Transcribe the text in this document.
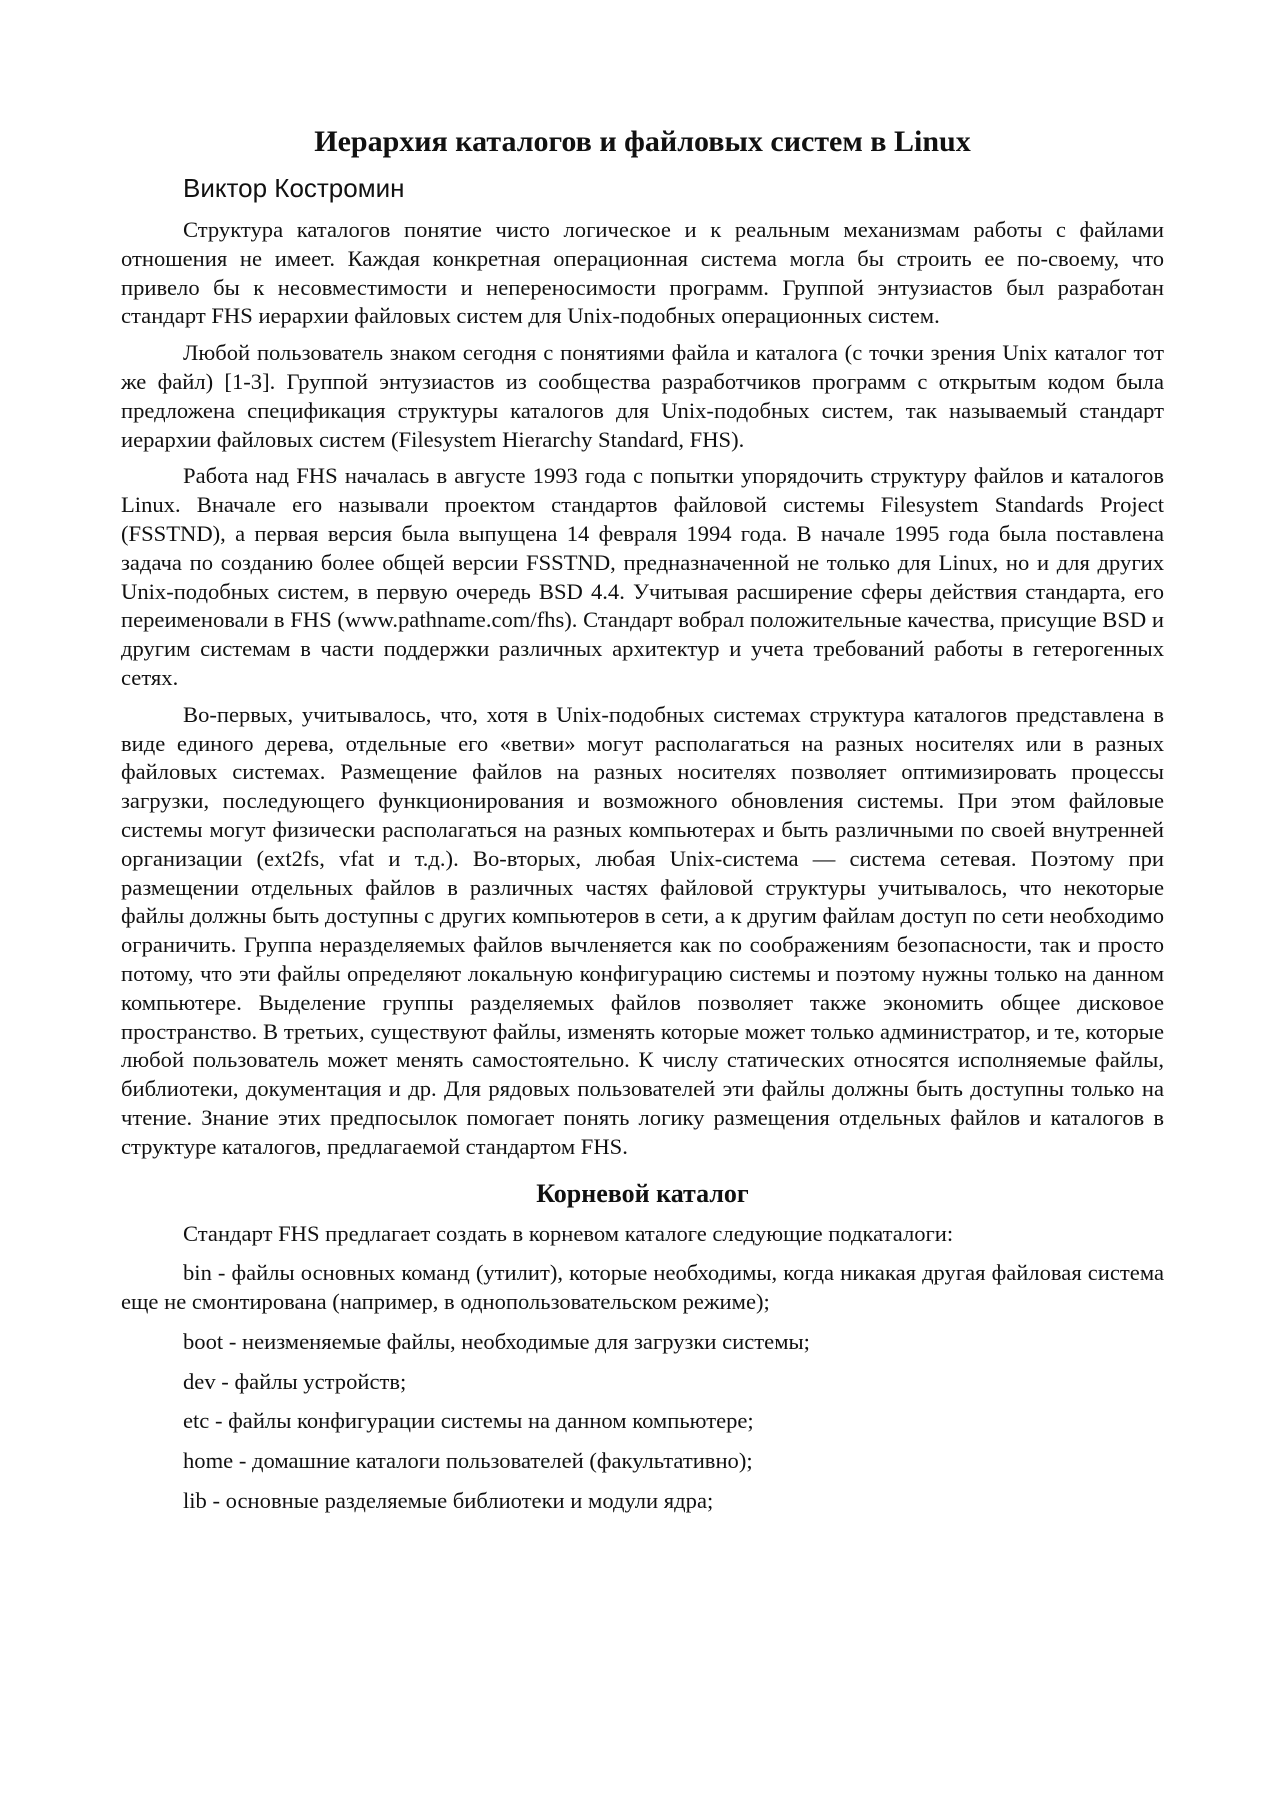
Иерархия каталогов и файловых систем в Linux
Виктор Костромин

Структура каталогов понятие чисто логическое и к реальным механизмам работы с файлами отношения не имеет. Каждая конкретная операционная система могла бы строить ее по-своему, что привело бы к несовместимости и непереносимости программ. Группой энтузиастов был разработан стандарт FHS иерархии файловых систем для Unix-подобных операционных систем.

Любой пользователь знаком сегодня с понятиями файла и каталога (с точки зрения Unix каталог тот же файл) [1-3]. Группой энтузиастов из сообщества разработчиков программ с открытым кодом была предложена спецификация структуры каталогов для Unix-подобных систем, так называемый стандарт иерархии файловых систем (Filesystem Hierarchy Standard, FHS).

Работа над FHS началась в августе 1993 года с попытки упорядочить структуру файлов и каталогов Linux. Вначале его называли проектом стандартов файловой системы Filesystem Standards Project (FSSTND), а первая версия была выпущена 14 февраля 1994 года. В начале 1995 года была поставлена задача по созданию более общей версии FSSTND, предназначенной не только для Linux, но и для других Unix-подобных систем, в первую очередь BSD 4.4. Учитывая расширение сферы действия стандарта, его переименовали в FHS (www.pathname.com/fhs). Стандарт вобрал положительные качества, присущие BSD и другим системам в части поддержки различных архитектур и учета требований работы в гетерогенных сетях.

Во-первых, учитывалось, что, хотя в Unix-подобных системах структура каталогов представлена в виде единого дерева, отдельные его «ветви» могут располагаться на разных носителях или в разных файловых системах. Размещение файлов на разных носителях позволяет оптимизировать процессы загрузки, последующего функционирования и возможного обновления системы. При этом файловые системы могут физически располагаться на разных компьютерах и быть различными по своей внутренней организации (ext2fs, vfat и т.д.). Во-вторых, любая Unix-система — система сетевая. Поэтому при размещении отдельных файлов в различных частях файловой структуры учитывалось, что некоторые файлы должны быть доступны с других компьютеров в сети, а к другим файлам доступ по сети необходимо ограничить. Группа неразделяемых файлов вычленяется как по соображениям безопасности, так и просто потому, что эти файлы определяют локальную конфигурацию системы и поэтому нужны только на данном компьютере. Выделение группы разделяемых файлов позволяет также экономить общее дисковое пространство. В третьих, существуют файлы, изменять которые может только администратор, и те, которые любой пользователь может менять самостоятельно. К числу статических относятся исполняемые файлы, библиотеки, документация и др. Для рядовых пользователей эти файлы должны быть доступны только на чтение. Знание этих предпосылок помогает понять логику размещения отдельных файлов и каталогов в структуре каталогов, предлагаемой стандартом FHS.

Корневой каталог

Стандарт FHS предлагает создать в корневом каталоге следующие подкаталоги:

bin - файлы основных команд (утилит), которые необходимы, когда никакая другая файловая система еще не смонтирована (например, в однопользовательском режиме);
boot - неизменяемые файлы, необходимые для загрузки системы;
dev - файлы устройств;
etc - файлы конфигурации системы на данном компьютере;
home - домашние каталоги пользователей (факультативно);
lib - основные разделяемые библиотеки и модули ядра;
